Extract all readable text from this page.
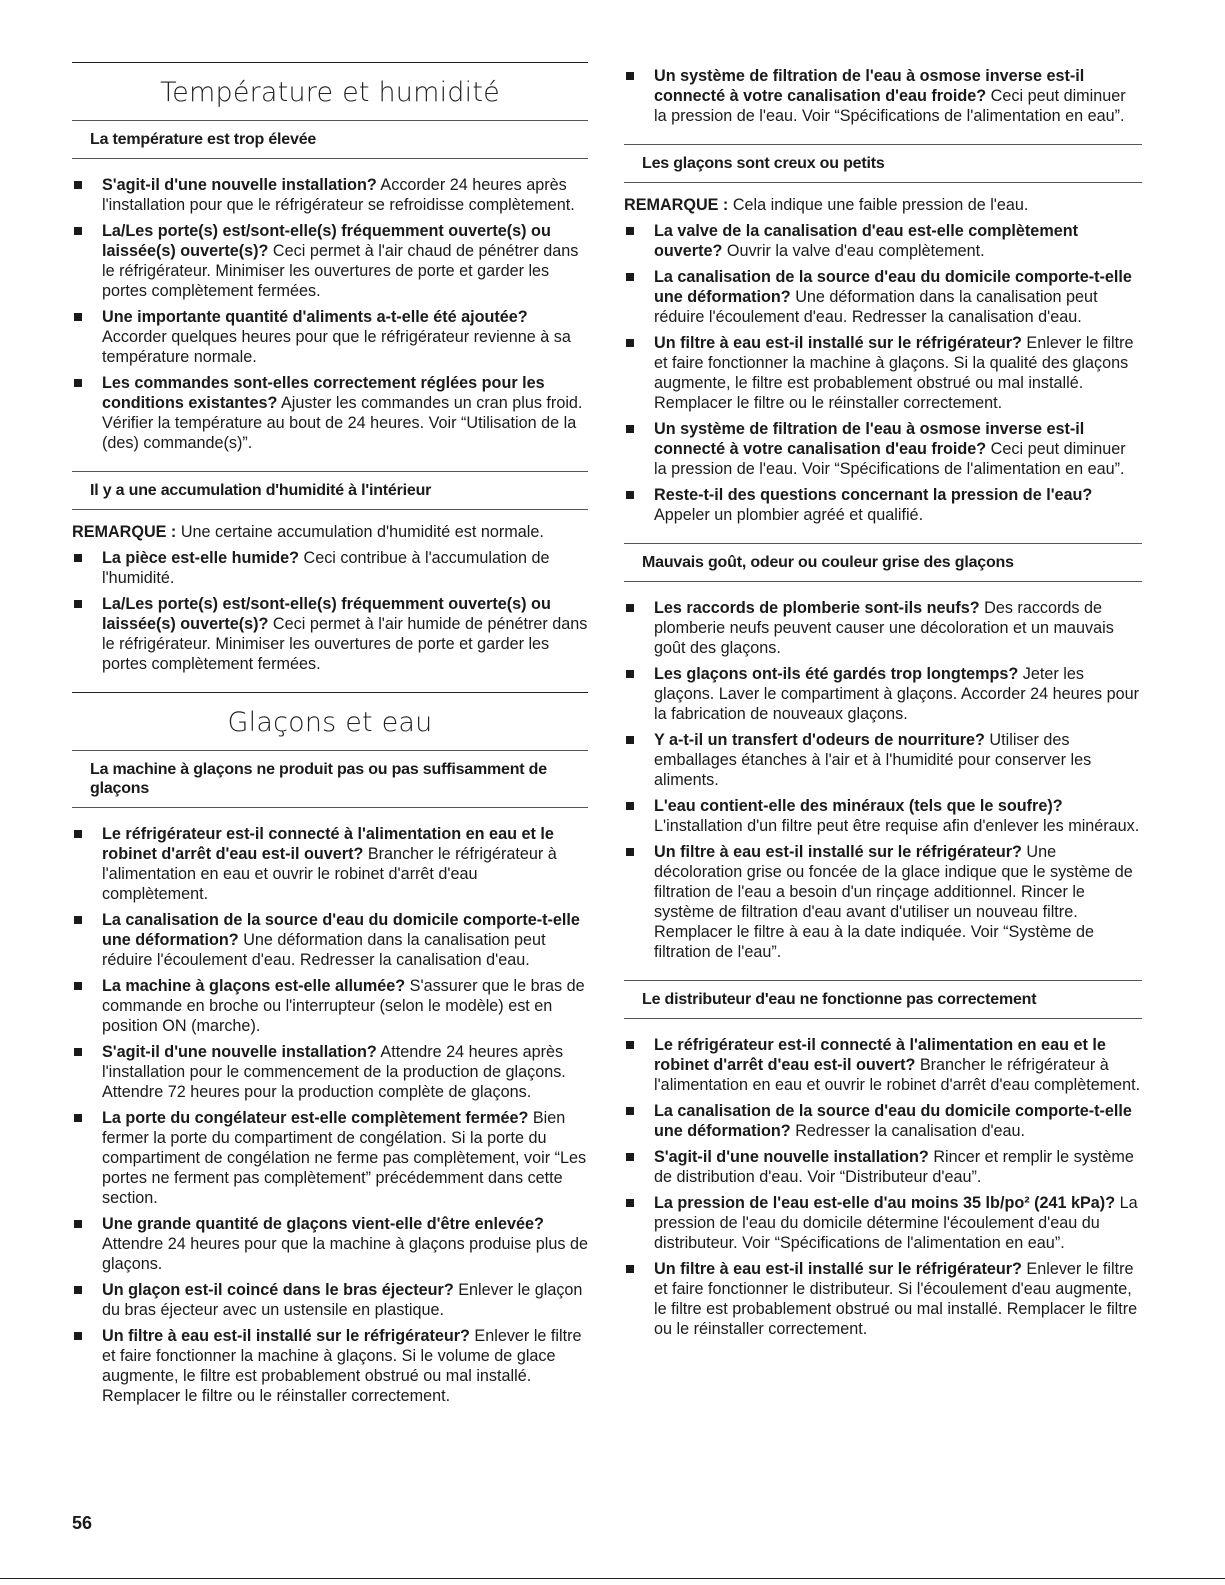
Température et humidité
La température est trop élevée
S'agit-il d'une nouvelle installation? Accorder 24 heures après l'installation pour que le réfrigérateur se refroidisse complètement.
La/Les porte(s) est/sont-elle(s) fréquemment ouverte(s) ou laissée(s) ouverte(s)? Ceci permet à l'air chaud de pénétrer dans le réfrigérateur. Minimiser les ouvertures de porte et garder les portes complètement fermées.
Une importante quantité d'aliments a-t-elle été ajoutée? Accorder quelques heures pour que le réfrigérateur revienne à sa température normale.
Les commandes sont-elles correctement réglées pour les conditions existantes? Ajuster les commandes un cran plus froid. Vérifier la température au bout de 24 heures. Voir “Utilisation de la (des) commande(s)”.
Il y a une accumulation d'humidité à l'intérieur

REMARQUE : Une certaine accumulation d'humidité est normale.

La pièce est-elle humide? Ceci contribue à l'accumulation de l'humidité.
La/Les porte(s) est/sont-elle(s) fréquemment ouverte(s) ou laissée(s) ouverte(s)? Ceci permet à l'air humide de pénétrer dans le réfrigérateur. Minimiser les ouvertures de porte et garder les portes complètement fermées.
Glaçons et eau
La machine à glaçons ne produit pas ou pas suffisamment de glaçons
Le réfrigérateur est-il connecté à l'alimentation en eau et le robinet d'arrêt d'eau est-il ouvert? Brancher le réfrigérateur à l'alimentation en eau et ouvrir le robinet d'arrêt d'eau complètement.
La canalisation de la source d'eau du domicile comporte-t-elle une déformation? Une déformation dans la canalisation peut réduire l'écoulement d'eau. Redresser la canalisation d'eau.
La machine à glaçons est-elle allumée? S'assurer que le bras de commande en broche ou l'interrupteur (selon le modèle) est en position ON (marche).
S'agit-il d'une nouvelle installation? Attendre 24 heures après l'installation pour le commencement de la production de glaçons. Attendre 72 heures pour la production complète de glaçons.
La porte du congélateur est-elle complètement fermée? Bien fermer la porte du compartiment de congélation. Si la porte du compartiment de congélation ne ferme pas complètement, voir “Les portes ne ferment pas complètement” précédemment dans cette section.
Une grande quantité de glaçons vient-elle d'être enlevée? Attendre 24 heures pour que la machine à glaçons produise plus de glaçons.
Un glaçon est-il coincé dans le bras éjecteur? Enlever le glaçon du bras éjecteur avec un ustensile en plastique.
Un filtre à eau est-il installé sur le réfrigérateur? Enlever le filtre et faire fonctionner la machine à glaçons. Si le volume de glace augmente, le filtre est probablement obstrué ou mal installé. Remplacer le filtre ou le réinstaller correctement.
Un système de filtration de l'eau à osmose inverse est-il connecté à votre canalisation d'eau froide? Ceci peut diminuer la pression de l'eau. Voir “Spécifications de l'alimentation en eau”.
Les glaçons sont creux ou petits

REMARQUE : Cela indique une faible pression de l'eau.

La valve de la canalisation d'eau est-elle complètement ouverte? Ouvrir la valve d'eau complètement.
La canalisation de la source d'eau du domicile comporte-t-elle une déformation? Une déformation dans la canalisation peut réduire l'écoulement d'eau. Redresser la canalisation d'eau.
Un filtre à eau est-il installé sur le réfrigérateur? Enlever le filtre et faire fonctionner la machine à glaçons. Si la qualité des glaçons augmente, le filtre est probablement obstrué ou mal installé. Remplacer le filtre ou le réinstaller correctement.
Un système de filtration de l'eau à osmose inverse est-il connecté à votre canalisation d'eau froide? Ceci peut diminuer la pression de l'eau. Voir “Spécifications de l'alimentation en eau”.
Reste-t-il des questions concernant la pression de l'eau? Appeler un plombier agréé et qualifié.
Mauvais goût, odeur ou couleur grise des glaçons
Les raccords de plomberie sont-ils neufs? Des raccords de plomberie neufs peuvent causer une décoloration et un mauvais goût des glaçons.
Les glaçons ont-ils été gardés trop longtemps? Jeter les glaçons. Laver le compartiment à glaçons. Accorder 24 heures pour la fabrication de nouveaux glaçons.
Y a-t-il un transfert d'odeurs de nourriture? Utiliser des emballages étanches à l'air et à l'humidité pour conserver les aliments.
L'eau contient-elle des minéraux (tels que le soufre)? L'installation d'un filtre peut être requise afin d'enlever les minéraux.
Un filtre à eau est-il installé sur le réfrigérateur? Une décoloration grise ou foncée de la glace indique que le système de filtration de l'eau a besoin d'un rinçage additionnel. Rincer le système de filtration d'eau avant d'utiliser un nouveau filtre. Remplacer le filtre à eau à la date indiquée. Voir “Système de filtration de l'eau”.
Le distributeur d'eau ne fonctionne pas correctement
Le réfrigérateur est-il connecté à l'alimentation en eau et le robinet d'arrêt d'eau est-il ouvert? Brancher le réfrigérateur à l'alimentation en eau et ouvrir le robinet d'arrêt d'eau complètement.
La canalisation de la source d'eau du domicile comporte-t-elle une déformation? Redresser la canalisation d'eau.
S'agit-il d'une nouvelle installation? Rincer et remplir le système de distribution d'eau. Voir “Distributeur d'eau”.
La pression de l'eau est-elle d'au moins 35 lb/po² (241 kPa)? La pression de l'eau du domicile détermine l'écoulement d'eau du distributeur. Voir “Spécifications de l'alimentation en eau”.
Un filtre à eau est-il installé sur le réfrigérateur? Enlever le filtre et faire fonctionner le distributeur. Si l'écoulement d'eau augmente, le filtre est probablement obstrué ou mal installé. Remplacer le filtre ou le réinstaller correctement.
56
